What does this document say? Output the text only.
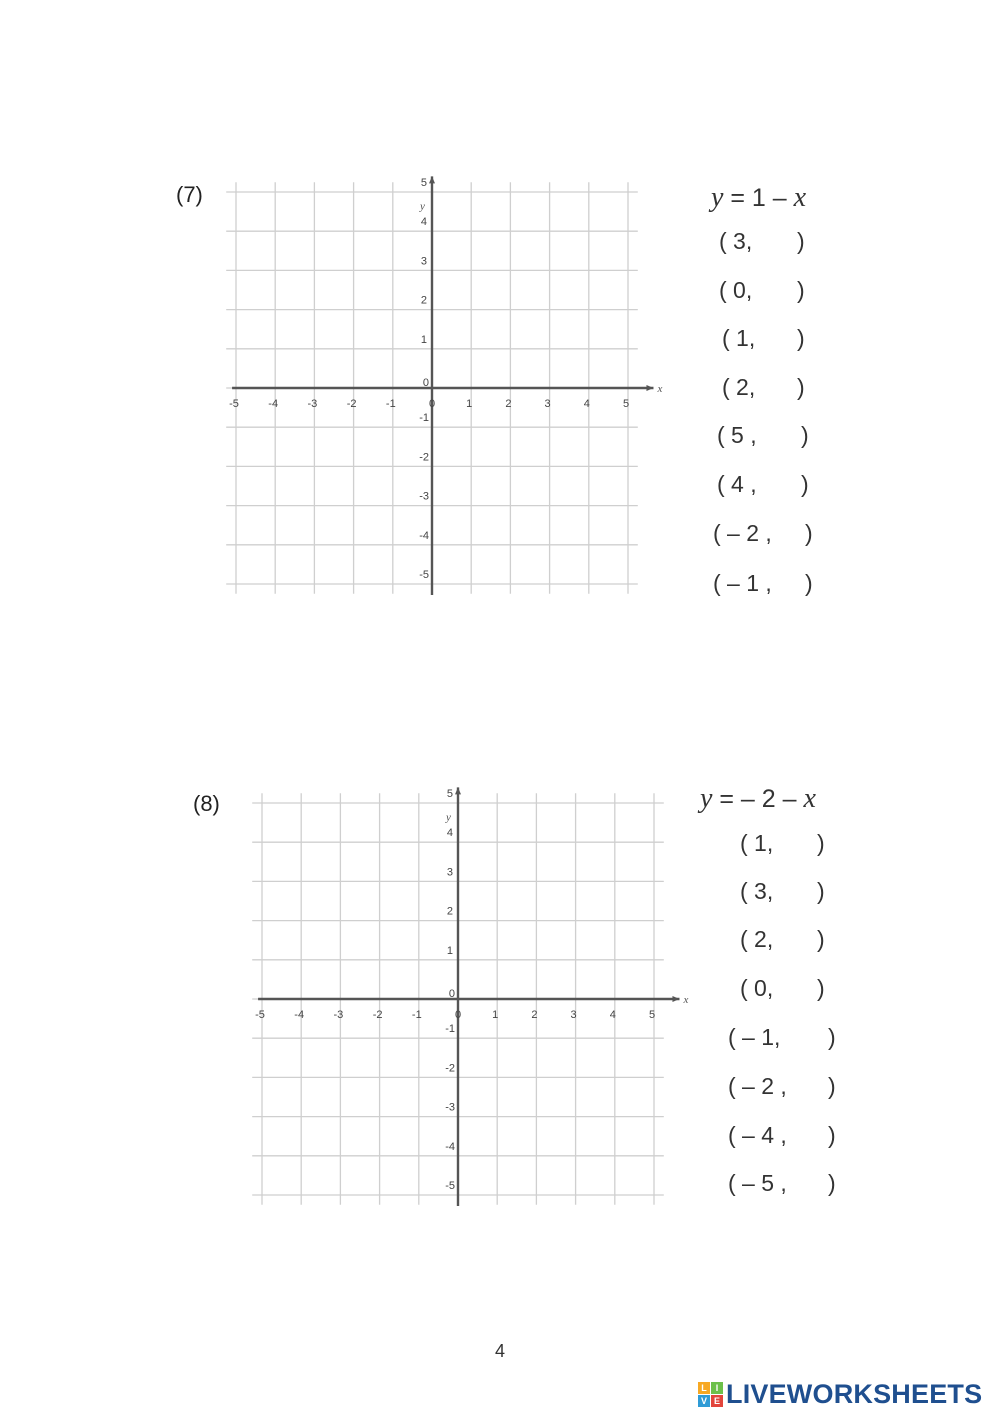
(7)
x
y
-5	-4	-3	-2	-1	0	1	2	3	4	5
1
2
3
4
5
-1
-2
-3
-4
-5
0
y = 1 – x
( 3, )
( 0, )
( 1, )
( 2, )
( 5 , )
( 4 , )
( – 2 , )
( – 1 , )
(8)
x
y
-5	-4	-3	-2	-1	0	1	2	3	4	5
1
2
3
4
5
-1
-2
-3
-4
-5
0
y = – 2 – x
( 1, )
( 3, )
( 2, )
( 0, )
( – 1, )
( – 2 , )
( – 4 , )
( – 5 , )
4
L I
V E LIVEWORKSHEETS
